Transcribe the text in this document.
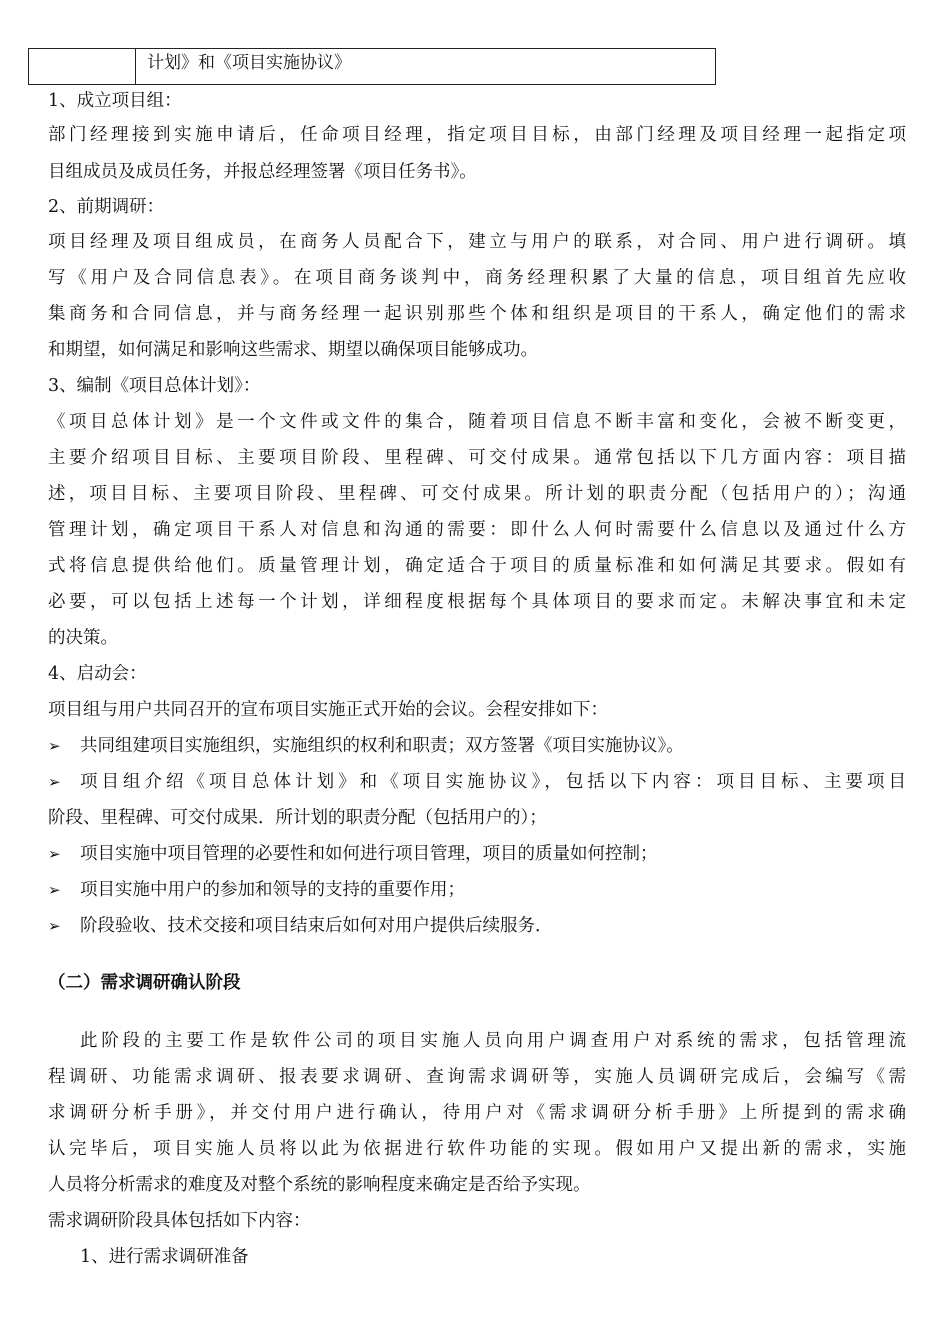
计划》和《项目实施协议》
1、成立项目组：
部门经理接到实施申请后，任命项目经理，指定项目目标，由部门经理及项目经理一起指定项
目组成员及成员任务，并报总经理签署《项目任务书》。
2、前期调研：
项目经理及项目组成员，在商务人员配合下，建立与用户的联系，对合同、用户进行调研。填
写《用户及合同信息表》。在项目商务谈判中，商务经理积累了大量的信息，项目组首先应收
集商务和合同信息，并与商务经理一起识别那些个体和组织是项目的干系人，确定他们的需求
和期望，如何满足和影响这些需求、期望以确保项目能够成功。
3、编制《项目总体计划》：
《项目总体计划》是一个文件或文件的集合，随着项目信息不断丰富和变化，会被不断变更，
主要介绍项目目标、主要项目阶段、里程碑、可交付成果。通常包括以下几方面内容：项目描
述，项目目标、主要项目阶段、里程碑、可交付成果。所计划的职责分配（包括用户的）；沟通
管理计划，确定项目干系人对信息和沟通的需要：即什么人何时需要什么信息以及通过什么方
式将信息提供给他们。质量管理计划，确定适合于项目的质量标准和如何满足其要求。假如有
必要，可以包括上述每一个计划，详细程度根据每个具体项目的要求而定。未解决事宜和未定
的决策。
4、启动会：
项目组与用户共同召开的宣布项目实施正式开始的会议。会程安排如下：
➢ 共同组建项目实施组织，实施组织的权利和职责；双方签署《项目实施协议》。
➢ 项目组介绍《项目总体计划》和《项目实施协议》，包括以下内容：项目目标、主要项目
阶段、里程碑、可交付成果．所计划的职责分配（包括用户的）；
➢ 项目实施中项目管理的必要性和如何进行项目管理，项目的质量如何控制；
➢ 项目实施中用户的参加和领导的支持的重要作用；
➢ 阶段验收、技术交接和项目结束后如何对用户提供后续服务．
（二）需求调研确认阶段
此阶段的主要工作是软件公司的项目实施人员向用户调查用户对系统的需求，包括管理流
程调研、功能需求调研、报表要求调研、查询需求调研等，实施人员调研完成后，会编写《需
求调研分析手册》，并交付用户进行确认，待用户对《需求调研分析手册》上所提到的需求确
认完毕后，项目实施人员将以此为依据进行软件功能的实现。假如用户又提出新的需求，实施
人员将分析需求的难度及对整个系统的影响程度来确定是否给予实现。
需求调研阶段具体包括如下内容：
1、进行需求调研准备
